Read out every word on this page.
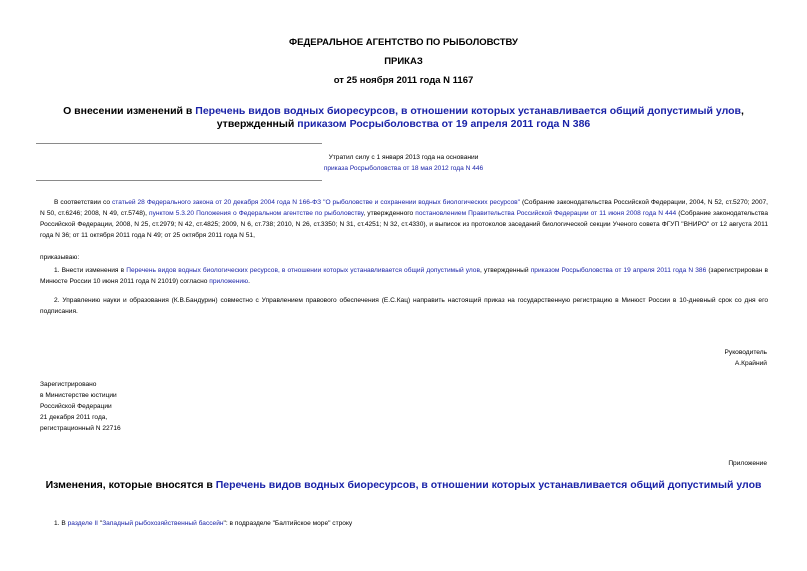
ФЕДЕРАЛЬНОЕ АГЕНТСТВО ПО РЫБОЛОВСТВУ
ПРИКАЗ
от 25 ноября 2011 года N 1167
О внесении изменений в Перечень видов водных биоресурсов, в отношении которых устанавливается общий допустимый улов, утвержденный приказом Росрыболовства от 19 апреля 2011 года N 386
Утратил силу с 1 января 2013 года на основании
приказа Росрыболовства от 18 мая 2012 года N 446
В соответствии со статьей 28 Федерального закона от 20 декабря 2004 года N 166-ФЗ "О рыболовстве и сохранении водных биологических ресурсов" (Собрание законодательства Российской Федерации, 2004, N 52, ст.5270; 2007, N 50, ст.6246; 2008, N 49, ст.5748), пунктом 5.3.20 Положения о Федеральном агентстве по рыболовству, утвержденного постановлением Правительства Российской Федерации от 11 июня 2008 года N 444 (Собрание законодательства Российской Федерации, 2008, N 25, ст.2979; N 42, ст.4825; 2009, N 6, ст.738; 2010, N 26, ст.3350; N 31, ст.4251; N 32, ст.4330), и выписок из протоколов заседаний биологической секции Ученого совета ФГУП "ВНИРО" от 12 августа 2011 года N 36; от 11 октября 2011 года N 49; от 25 октября 2011 года N 51,
приказываю:
1. Внести изменения в Перечень видов водных биологических ресурсов, в отношении которых устанавливается общий допустимый улов, утвержденный приказом Росрыболовства от 19 апреля 2011 года N 386 (зарегистрирован в Минюсте России 10 июня 2011 года N 21019) согласно приложению.
2. Управлению науки и образования (К.В.Бандурин) совместно с Управлением правового обеспечения (Е.С.Кац) направить настоящий приказ на государственную регистрацию в Минюст России в 10-дневный срок со дня его подписания.
Руководитель
А.Крайний
Зарегистрировано
в Министерстве юстиции
Российской Федерации
21 декабря 2011 года,
регистрационный N 22716
Приложение
Изменения, которые вносятся в Перечень видов водных биоресурсов, в отношении которых устанавливается общий допустимый улов
1. В разделе II "Западный рыбохозяйственный бассейн": в подразделе "Балтийское море" строку
